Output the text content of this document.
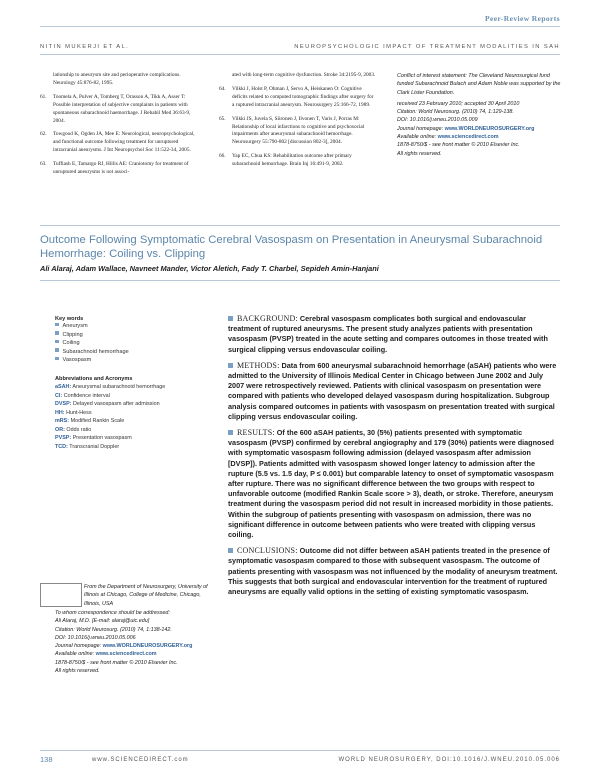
Peer-Review Reports
NITIN MUKERJI ET AL.	NEUROPSYCHOLOGIC IMPACT OF TREATMENT MODALITIES IN SAH
lationship to aneurysm site and perioperative complications. Neurology 45:876-82, 1995.
61. Toomela A, Pulver A, Tomberg T, Orasson A, Tikk A, Asser T: Possible interpretation of subjective complaints in patients with spontaneous subarachnoid haemorrhage. J Rehabil Med 36:63-9, 2004.
62. Towgood K, Ogden JA, Mee E: Neurological, neuropsychological, and functional outcome following treatment for unruptured intracranial aneurysms. J Int Neuropsychol Soc 11:522-34, 2005.
63. Tuffiash E, Tamargo RJ, Hillis AE: Craniotomy for treatment of unruptured aneurysms is not associ-
ated with long-term cognitive dysfunction. Stroke 34:2195-9, 2003.
64. Vilkki J, Holst P, Ohman J, Servo A, Heiskanen O: Cognitive deficits related to computed tomographic findings after surgery for a ruptured intracranial aneurysm. Neurosurgery 25:166-72, 1989.
65. Vilkki JS, Juvela S, Siironen J, Ilvonen T, Varis J, Porras M: Relationship of local infarctions to cognitive and psychosocial impairments after aneurysmal subarachnoid hemorrhage. Neurosurgery 55:790-802 [discussion 802-3], 2004.
66. Yap EC, Chua KS: Rehabilitation outcome after primary subarachnoid hemorrhage. Brain Inj 16:491-9, 2002.
Conflict of interest statement: The Cleveland Neurosurgical fund funded Subarachnoid Bulach and Adam Noble was supported by the Clark Lister Foundation.
received 23 February 2010; accepted 30 April 2010
Citation: World Neurosurg. (2010) 74, 1:129-138.
DOI: 10.1016/j.wneu.2010.05.009
Journal homepage: www.WORLDNEUROSURGERY.org
Available online: www.sciencedirect.com
1878-8750/$ - see front matter © 2010 Elsevier Inc.
All rights reserved.
Outcome Following Symptomatic Cerebral Vasospasm on Presentation in Aneurysmal Subarachnoid Hemorrhage: Coiling vs. Clipping
Ali Alaraj, Adam Wallace, Navneet Mander, Victor Aletich, Fady T. Charbel, Sepideh Amin-Hanjani
Key words
Aneurysm
Clipping
Coiling
Subarachnoid hemorrhage
Vasospasm
Abbreviations and Acronyms
aSAH: Aneurysmal subarachnoid hemorrhage
CI: Confidence interval
DVSP: Delayed vasospasm after admission
HH: Hunt-Hess
mRS: Modified Rankin Scale
OR: Odds ratio
PVSP: Presentation vasospasm
TCD: Transcranial Doppler
BACKGROUND: Cerebral vasospasm complicates both surgical and endovascular treatment of ruptured aneurysms. The present study analyzes patients with presentation vasospasm (PVSP) treated in the acute setting and compares outcomes in those treated with surgical clipping versus endovascular coiling.
METHODS: Data from 600 aneurysmal subarachnoid hemorrhage (aSAH) patients who were admitted to the University of Illinois Medical Center in Chicago between June 2002 and July 2007 were retrospectively reviewed. Patients with clinical vasospasm on presentation were compared with patients who developed delayed vasospasm during hospitalization. Subgroup analysis compared outcomes in patients with vasospasm on presentation treated with surgical clipping versus endovascular coiling.
RESULTS: Of the 600 aSAH patients, 30 (5%) patients presented with symptomatic vasospasm (PVSP) confirmed by cerebral angiography and 179 (30%) patients were diagnosed with symptomatic vasospasm following admission (delayed vasospasm after admission [DVSP]). Patients admitted with vasospasm showed longer latency to admission after the rupture (5.5 vs. 1.5 day, P ≤ 0.001) but comparable latency to onset of symptomatic vasospasm after rupture. There was no significant difference between the two groups with respect to unfavorable outcome (modified Rankin Scale score > 3), death, or stroke. Therefore, aneurysm treatment during the vasospasm period did not result in increased morbidity in those patients. Within the subgroup of patients presenting with vasospasm on admission, there was no significant difference in outcome between patients who were treated with clipping versus coiling.
CONCLUSIONS: Outcome did not differ between aSAH patients treated in the presence of symptomatic vasospasm compared to those with subsequent vasospasm. The outcome of patients presenting with vasospasm was not influenced by the modality of aneurysm treatment. This suggests that both surgical and endovascular intervention for the treatment of ruptured aneurysms are equally valid options in the setting of existing symptomatic vasospasm.
From the Department of Neurosurgery, University of Illinois at Chicago, College of Medicine, Chicago, Illinois, USA
To whom correspondence should be addressed:
Ali Alaraj, M.D. [E-mail: alaraj@uic.edu]
Citation: World Neurosurg. (2010) 74, 1:138-142.
DOI: 10.1016/j.wneu.2010.05.006
Journal homepage: www.WORLDNEUROSURGERY.org
Available online: www.sciencedirect.com
1878-8750/$ - see front matter © 2010 Elsevier Inc.
All rights reserved.
138	www.SCIENCEDIRECT.com	WORLD NEUROSURGERY, DOI:10.1016/J.WNEU.2010.05.006
